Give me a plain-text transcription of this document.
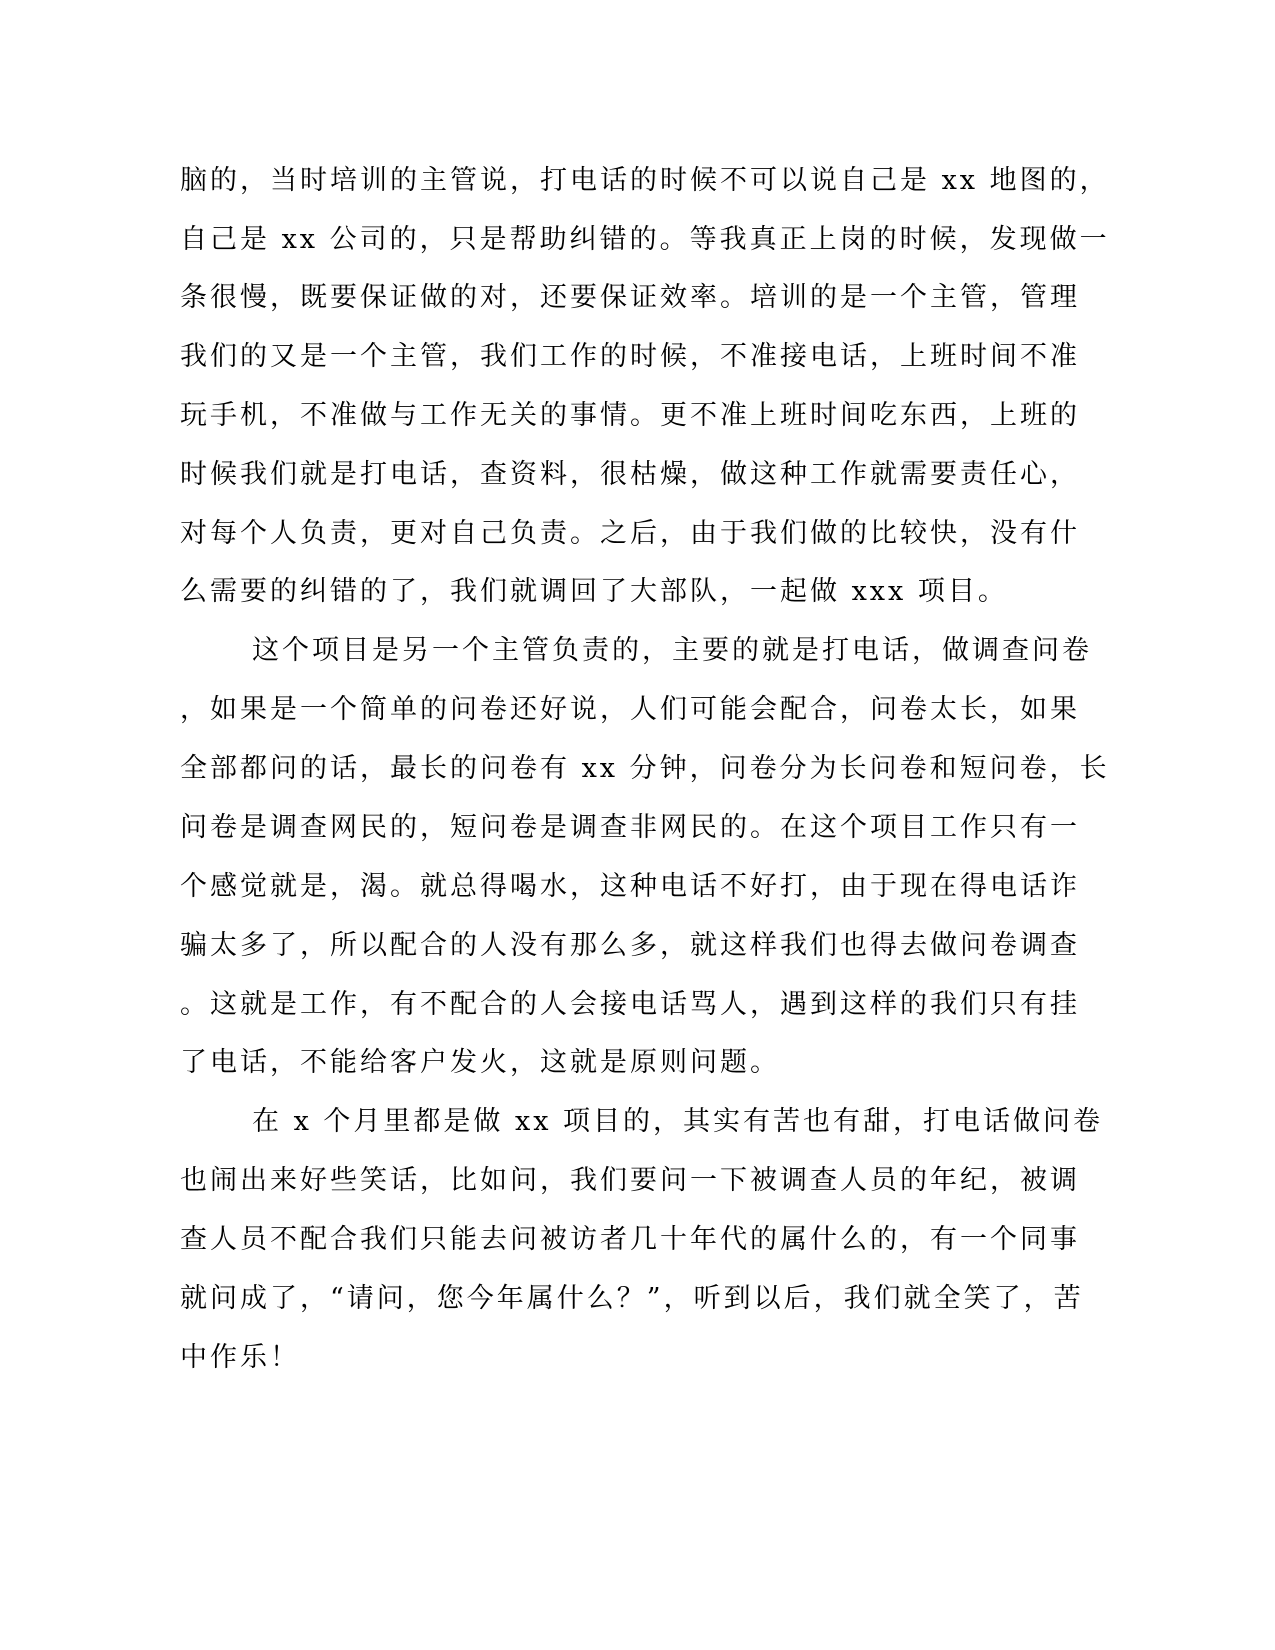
脑的，当时培训的主管说，打电话的时候不可以说自己是 xx 地图的，
自己是 xx 公司的，只是帮助纠错的。等我真正上岗的时候，发现做一
条很慢，既要保证做的对，还要保证效率。培训的是一个主管，管理
我们的又是一个主管，我们工作的时候，不准接电话，上班时间不准
玩手机，不准做与工作无关的事情。更不准上班时间吃东西，上班的
时候我们就是打电话，查资料，很枯燥，做这种工作就需要责任心，
对每个人负责，更对自己负责。之后，由于我们做的比较快，没有什
么需要的纠错的了，我们就调回了大部队，一起做 xxx 项目。
这个项目是另一个主管负责的，主要的就是打电话，做调查问卷
，如果是一个简单的问卷还好说，人们可能会配合，问卷太长，如果
全部都问的话，最长的问卷有 xx 分钟，问卷分为长问卷和短问卷，长
问卷是调查网民的，短问卷是调查非网民的。在这个项目工作只有一
个感觉就是，渴。就总得喝水，这种电话不好打，由于现在得电话诈
骗太多了，所以配合的人没有那么多，就这样我们也得去做问卷调查
。这就是工作，有不配合的人会接电话骂人，遇到这样的我们只有挂
了电话，不能给客户发火，这就是原则问题。
在 x 个月里都是做 xx 项目的，其实有苦也有甜，打电话做问卷
也闹出来好些笑话，比如问，我们要问一下被调查人员的年纪，被调
查人员不配合我们只能去问被访者几十年代的属什么的，有一个同事
就问成了，“请问，您今年属什么？”，听到以后，我们就全笑了，苦
中作乐！
